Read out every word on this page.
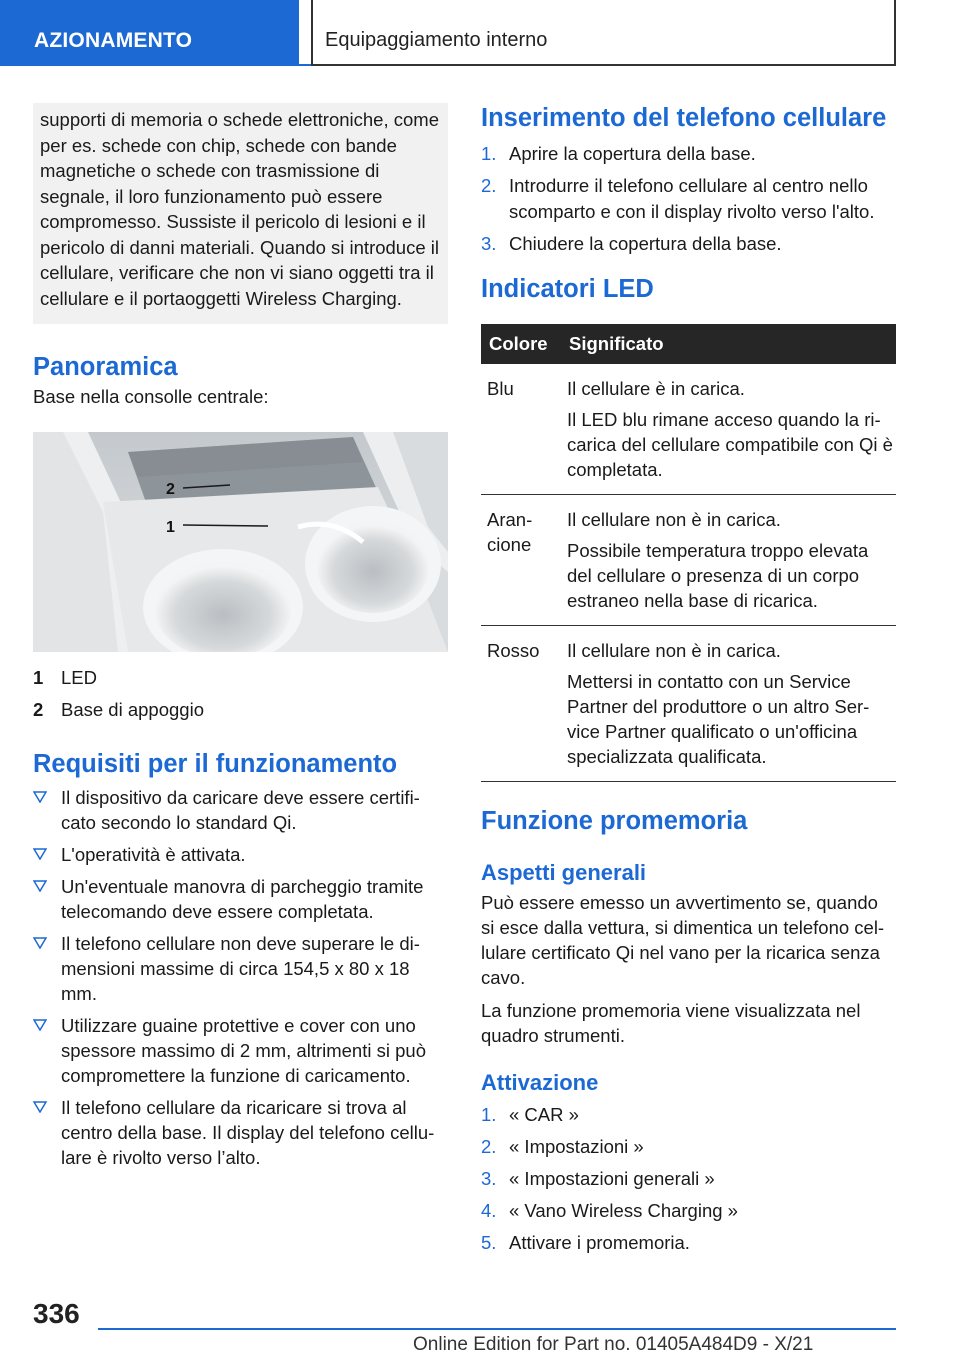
AZIONAMENTO	Equipaggiamento interno

supporti di memoria o schede elettroniche, come per es. schede con chip, schede con bande magnetiche o schede con trasmissione di segnale, il loro funzionamento può essere compromesso. Sussiste il pericolo di lesioni e il pericolo di danni materiali. Quando si introduce il cellulare, verificare che non vi siano oggetti tra il cellulare e il portaoggetti Wireless Charging.

Panoramica

Base nella consolle centrale:

2
1
1 LED
2 Base di appoggio
Requisiti per il funzionamento
Il dispositivo da caricare deve essere certifi-cato secondo lo standard Qi.
L'operatività è attivata.
Un'eventuale manovra di parcheggio tramite telecomando deve essere completata.
Il telefono cellulare non deve superare le di-mensioni massime di circa 154,5 x 80 x 18 mm.
Utilizzare guaine protettive e cover con uno spessore massimo di 2 mm, altrimenti si può compromettere la funzione di caricamento.
Il telefono cellulare da ricaricare si trova al centro della base. Il display del telefono cellu-lare è rivolto verso l’alto.
Inserimento del telefono cellulare
1. Aprire la copertura della base.
2. Introdurre il telefono cellulare al centro nello scomparto e con il display rivolto verso l'alto.
3. Chiudere la copertura della base.
Indicatori LED
Colore	Significato
Blu	Il cellulare è in carica.

Il LED blu rimane acceso quando la ri-carica del cellulare compatibile con Qi è completata.

Aran-cione	Il cellulare non è in carica.

Possibile temperatura troppo elevata del cellulare o presenza di un corpo estraneo nella base di ricarica.

Rosso	Il cellulare non è in carica.

Mettersi in contatto con un Service Partner del produttore o un altro Ser-vice Partner qualificato o un'officina specializzata qualificata.

Funzione promemoria
Aspetti generali

Può essere emesso un avvertimento se, quando si esce dalla vettura, si dimentica un telefono cel-lulare certificato Qi nel vano per la ricarica senza cavo.

La funzione promemoria viene visualizzata nel quadro strumenti.

Attivazione
1. « CAR »
2. « Impostazioni »
3. « Impostazioni generali »
4. « Vano Wireless Charging »
5. Attivare i promemoria.
336
Online Edition for Part no. 01405A484D9 - X/21
